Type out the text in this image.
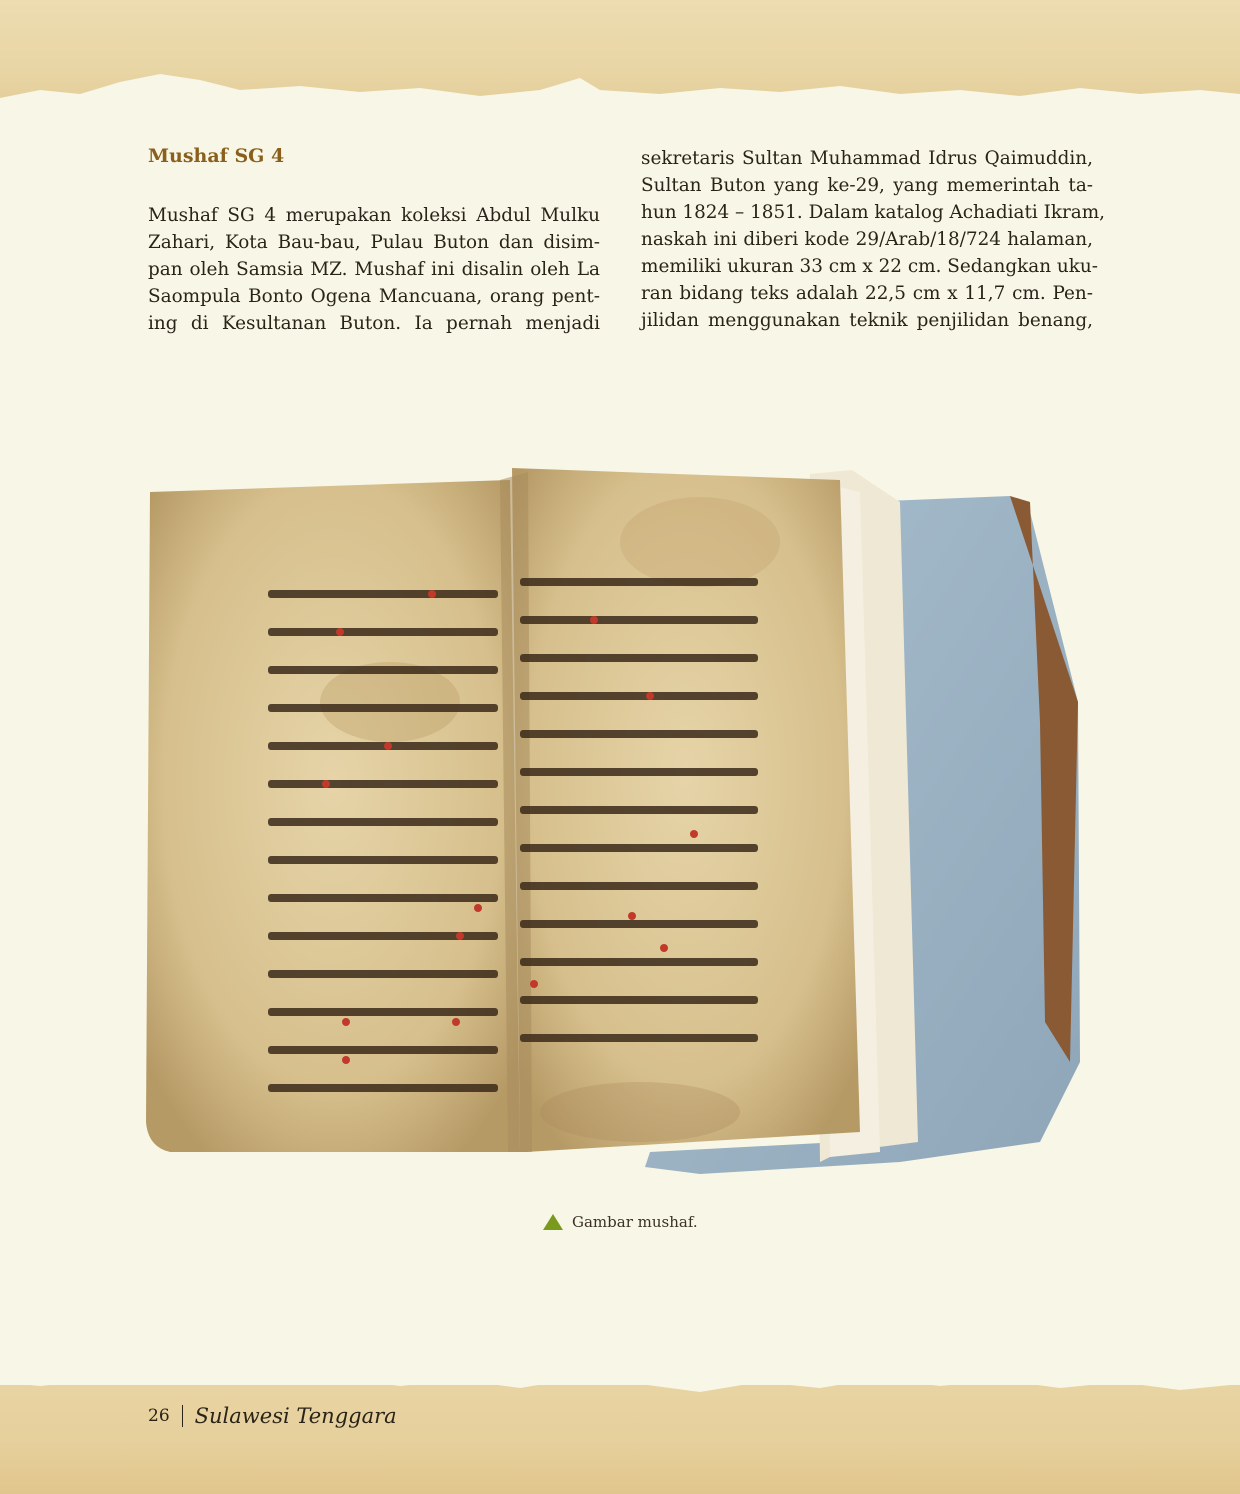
Mushaf SG 4

Mushaf SG 4 merupakan koleksi Abdul Mulku
Zahari, Kota Bau-bau, Pulau Buton dan disim-
pan oleh Samsia MZ. Mushaf ini disalin oleh La
Saompula Bonto Ogena Mancuana, orang pent-
ing di Kesultanan Buton. Ia pernah menjadi

sekretaris Sultan Muhammad Idrus Qaimuddin,
Sultan Buton yang ke-29, yang memerintah ta-
hun 1824 – 1851. Dalam katalog Achadiati Ikram,
naskah ini diberi kode 29/Arab/18/724 halaman,
memiliki ukuran 33 cm x 22 cm. Sedangkan uku-
ran bidang teks adalah 22,5 cm x 11,7 cm. Pen-
jilidan menggunakan teknik penjilidan benang,

Gambar mushaf.
26 Sulawesi Tenggara
